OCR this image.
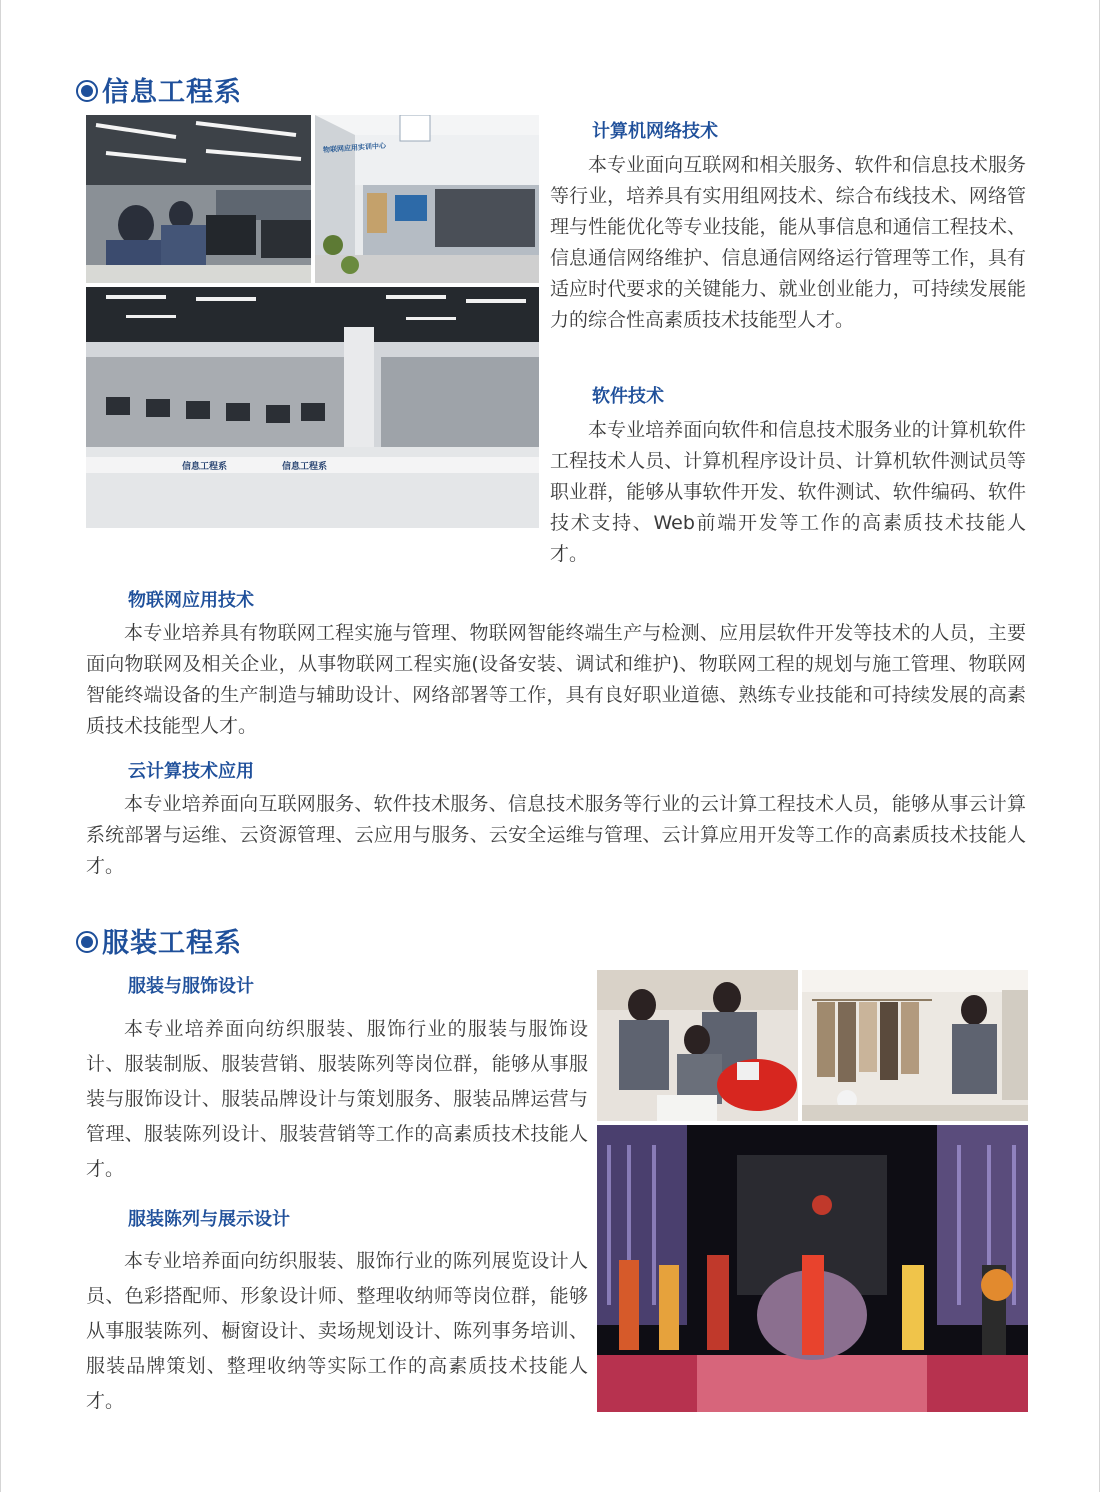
信息工程系
物联网应用实训中心
信息工程系	信息工程系
计算机网络技术

本专业面向互联网和相关服务、软件和信息技术服务等行业，培养具有实用组网技术、综合布线技术、网络管理与性能优化等专业技能，能从事信息和通信工程技术、信息通信网络维护、信息通信网络运行管理等工作，具有适应时代要求的关键能力、就业创业能力，可持续发展能力的综合性高素质技术技能型人才。

软件技术

本专业培养面向软件和信息技术服务业的计算机软件工程技术人员、计算机程序设计员、计算机软件测试员等职业群，能够从事软件开发、软件测试、软件编码、软件技术支持、Web前端开发等工作的高素质技术技能人才。

物联网应用技术

本专业培养具有物联网工程实施与管理、物联网智能终端生产与检测、应用层软件开发等技术的人员，主要面向物联网及相关企业，从事物联网工程实施(设备安装、调试和维护)、物联网工程的规划与施工管理、物联网智能终端设备的生产制造与辅助设计、网络部署等工作，具有良好职业道德、熟练专业技能和可持续发展的高素质技术技能型人才。

云计算技术应用

本专业培养面向互联网服务、软件技术服务、信息技术服务等行业的云计算工程技术人员，能够从事云计算系统部署与运维、云资源管理、云应用与服务、云安全运维与管理、云计算应用开发等工作的高素质技术技能人才。

服装工程系
服装与服饰设计

本专业培养面向纺织服装、服饰行业的服装与服饰设计、服装制版、服装营销、服装陈列等岗位群，能够从事服装与服饰设计、服装品牌设计与策划服务、服装品牌运营与管理、服装陈列设计、服装营销等工作的高素质技术技能人才。

服装陈列与展示设计

本专业培养面向纺织服装、服饰行业的陈列展览设计人员、色彩搭配师、形象设计师、整理收纳师等岗位群，能够从事服装陈列、橱窗设计、卖场规划设计、陈列事务培训、服装品牌策划、整理收纳等实际工作的高素质技术技能人才。
